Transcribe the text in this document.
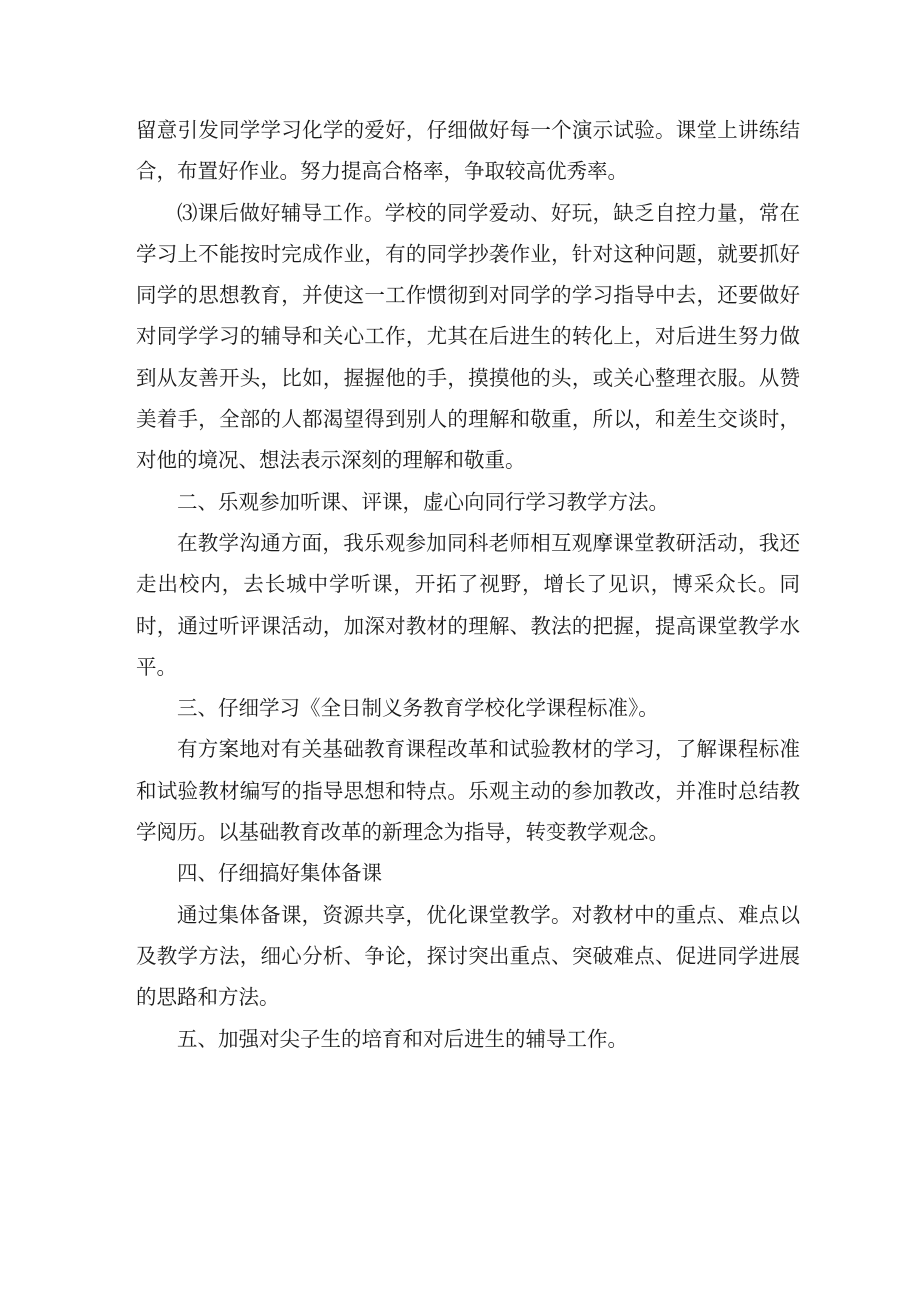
留意引发同学学习化学的爱好，仔细做好每一个演示试验。课堂上讲练结合，布置好作业。努力提高合格率，争取较高优秀率。

⑶课后做好辅导工作。学校的同学爱动、好玩，缺乏自控力量，常在学习上不能按时完成作业，有的同学抄袭作业，针对这种问题，就要抓好同学的思想教育，并使这一工作惯彻到对同学的学习指导中去，还要做好对同学学习的辅导和关心工作，尤其在后进生的转化上，对后进生努力做到从友善开头，比如，握握他的手，摸摸他的头，或关心整理衣服。从赞美着手，全部的人都渴望得到别人的理解和敬重，所以，和差生交谈时，对他的境况、想法表示深刻的理解和敬重。

二、乐观参加听课、评课，虚心向同行学习教学方法。

在教学沟通方面，我乐观参加同科老师相互观摩课堂教研活动，我还走出校内，去长城中学听课，开拓了视野，增长了见识，博采众长。同时，通过听评课活动，加深对教材的理解、教法的把握，提高课堂教学水平。

三、仔细学习《全日制义务教育学校化学课程标准》。

有方案地对有关基础教育课程改革和试验教材的学习，了解课程标准和试验教材编写的指导思想和特点。乐观主动的参加教改，并准时总结教学阅历。以基础教育改革的新理念为指导，转变教学观念。

四、仔细搞好集体备课

通过集体备课，资源共享，优化课堂教学。对教材中的重点、难点以及教学方法，细心分析、争论，探讨突出重点、突破难点、促进同学进展的思路和方法。

五、加强对尖子生的培育和对后进生的辅导工作。
